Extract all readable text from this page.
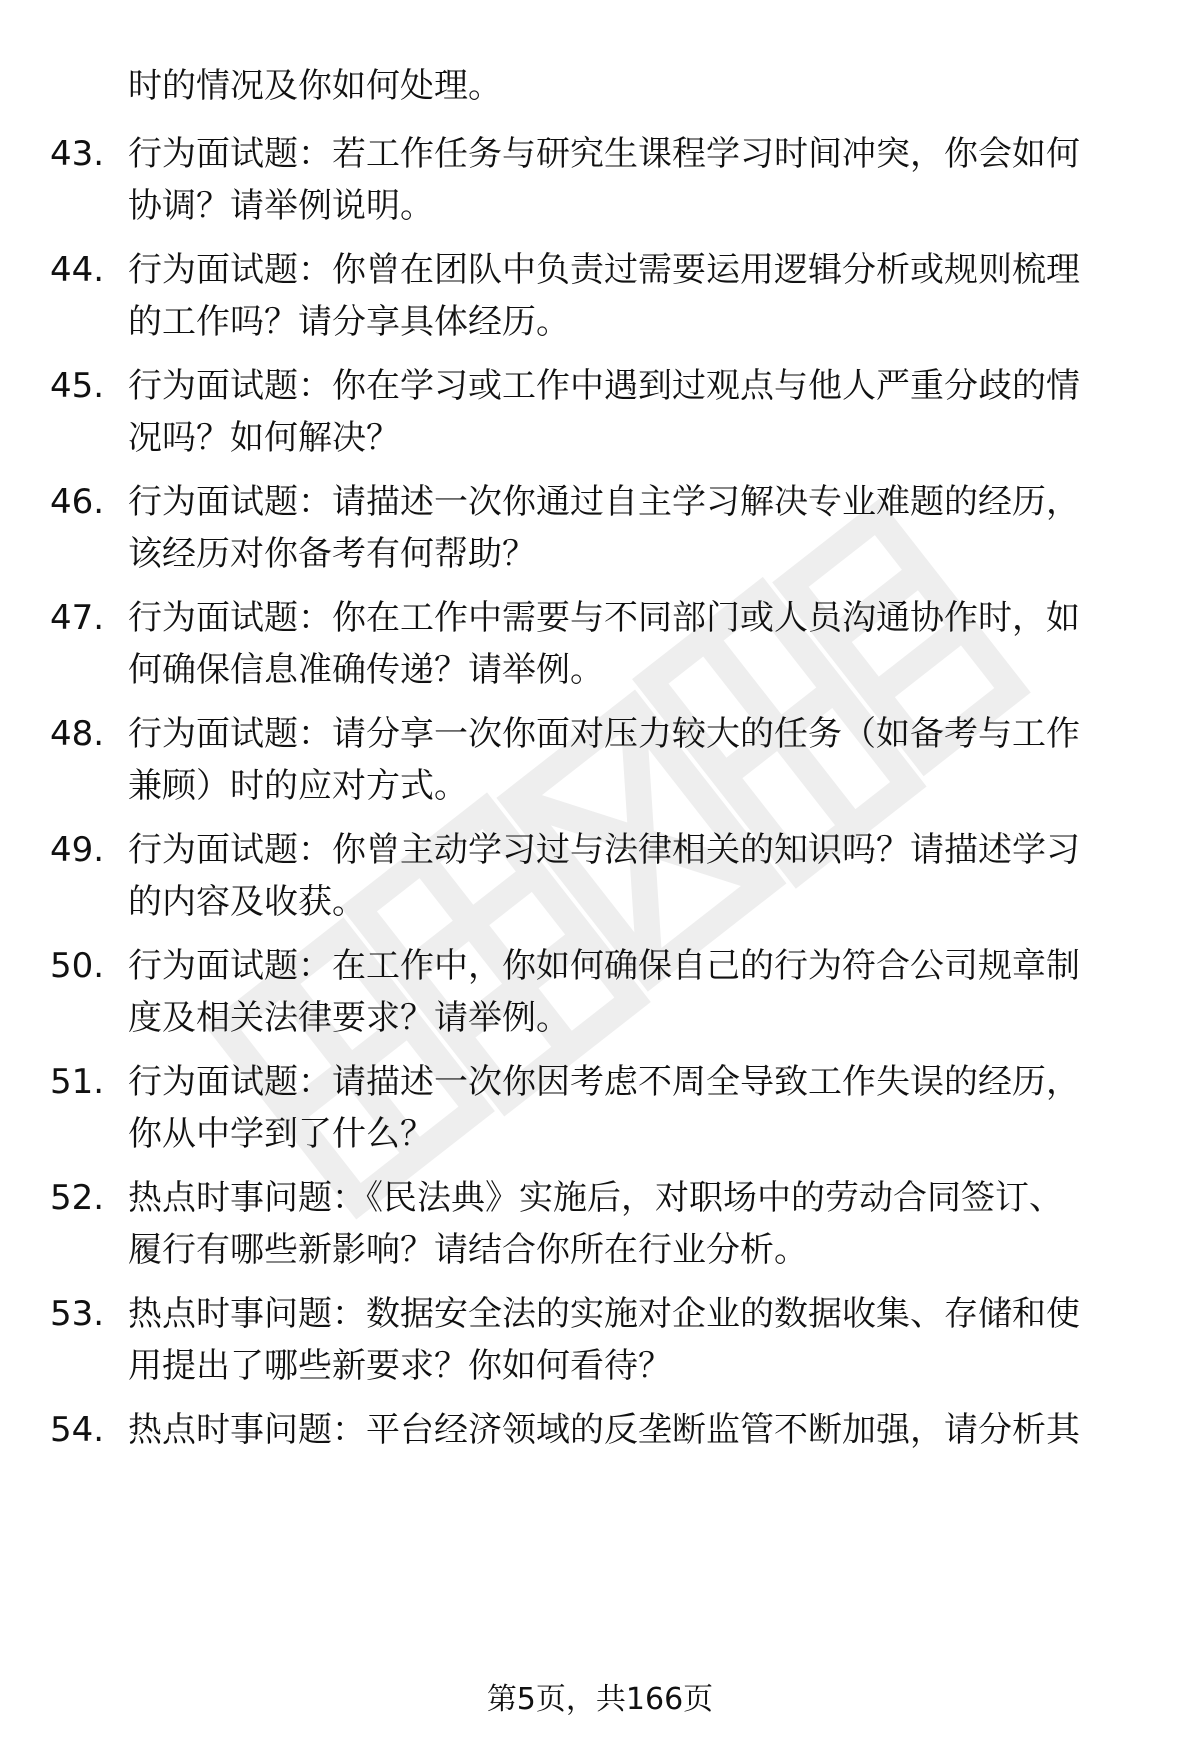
时的情况及你如何处理。
43. 行为面试题：若工作任务与研究生课程学习时间冲突，你会如何
协调？请举例说明。
44. 行为面试题：你曾在团队中负责过需要运用逻辑分析或规则梳理
的工作吗？请分享具体经历。
45. 行为面试题：你在学习或工作中遇到过观点与他人严重分歧的情
况吗？如何解决？
46. 行为面试题：请描述一次你通过自主学习解决专业难题的经历，
该经历对你备考有何帮助？
47. 行为面试题：你在工作中需要与不同部门或人员沟通协作时，如
何确保信息准确传递？请举例。
48. 行为面试题：请分享一次你面对压力较大的任务（如备考与工作
兼顾）时的应对方式。
49. 行为面试题：你曾主动学习过与法律相关的知识吗？请描述学习
的内容及收获。
50. 行为面试题：在工作中，你如何确保自己的行为符合公司规章制
度及相关法律要求？请举例。
51. 行为面试题：请描述一次你因考虑不周全导致工作失误的经历，
你从中学到了什么？
52. 热点时事问题：《民法典》实施后，对职场中的劳动合同签订、
履行有哪些新影响？请结合你所在行业分析。
53. 热点时事问题：数据安全法的实施对企业的数据收集、存储和使
用提出了哪些新要求？你如何看待？
54. 热点时事问题：平台经济领域的反垄断监管不断加强，请分析其
第5页，共166页
